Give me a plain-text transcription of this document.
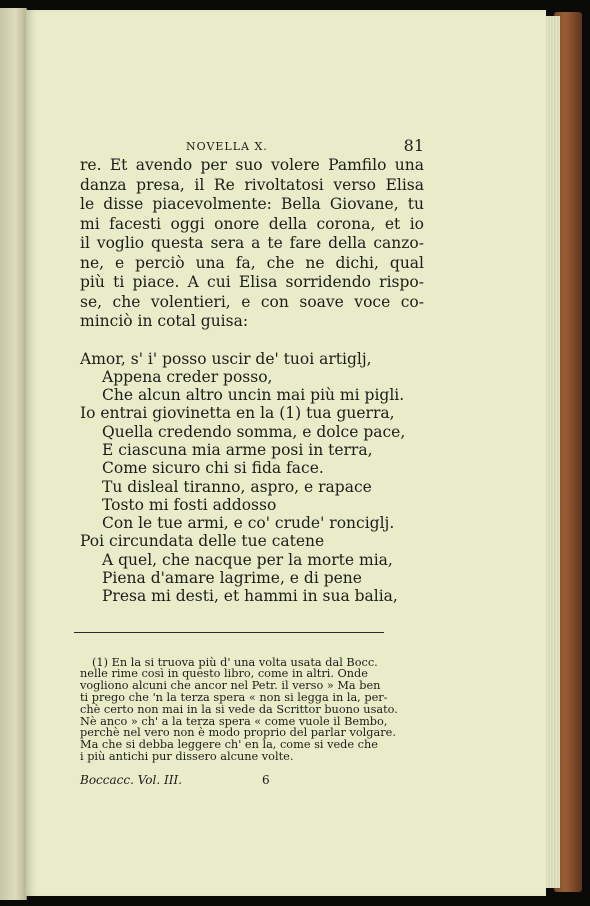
NOVELLA X.	81
re. Et avendo per suo volere Pamfilo una
danza presa, il Re rivoltatosi verso Elisa
le disse piacevolmente: Bella Giovane, tu
mi facesti oggi onore della corona, et io
il voglio questa sera a te fare della canzo-
ne, e perciò una fa, che ne dichi, qual
più ti piace. A cui Elisa sorridendo rispo-
se, che volentieri, e con soave voce co-
minciò in cotal guisa:
Amor, s' i' posso uscir de' tuoi artiglj,
Appena creder posso,
Che alcun altro uncin mai più mi pigli.
Io entrai giovinetta en la (1) tua guerra,
Quella credendo somma, e dolce pace,
E ciascuna mia arme posi in terra,
Come sicuro chi si fida face.
Tu disleal tiranno, aspro, e rapace
Tosto mi fosti addosso
Con le tue armi, e co' crude' ronciglj.
Poi circundata delle tue catene
A quel, che nacque per la morte mia,
Piena d'amare lagrime, e di pene
Presa mi desti, et hammi in sua balia,
(1) En la si truova più d' una volta usata dal Bocc.
nelle rime così in questo libro, come in altri. Onde
vogliono alcuni che ancor nel Petr. il verso » Ma ben
ti prego che 'n la terza spera « non si legga in la, per-
chè certo non mai in la si vede da Scrittor buono usato.
Nè anco » ch' a la terza spera « come vuole il Bembo,
perchè nel vero non è modo proprio del parlar volgare.
Ma che si debba leggere ch' en la, come si vede che
i più antichi pur dissero alcune volte.
Boccacc. Vol. III.	6
